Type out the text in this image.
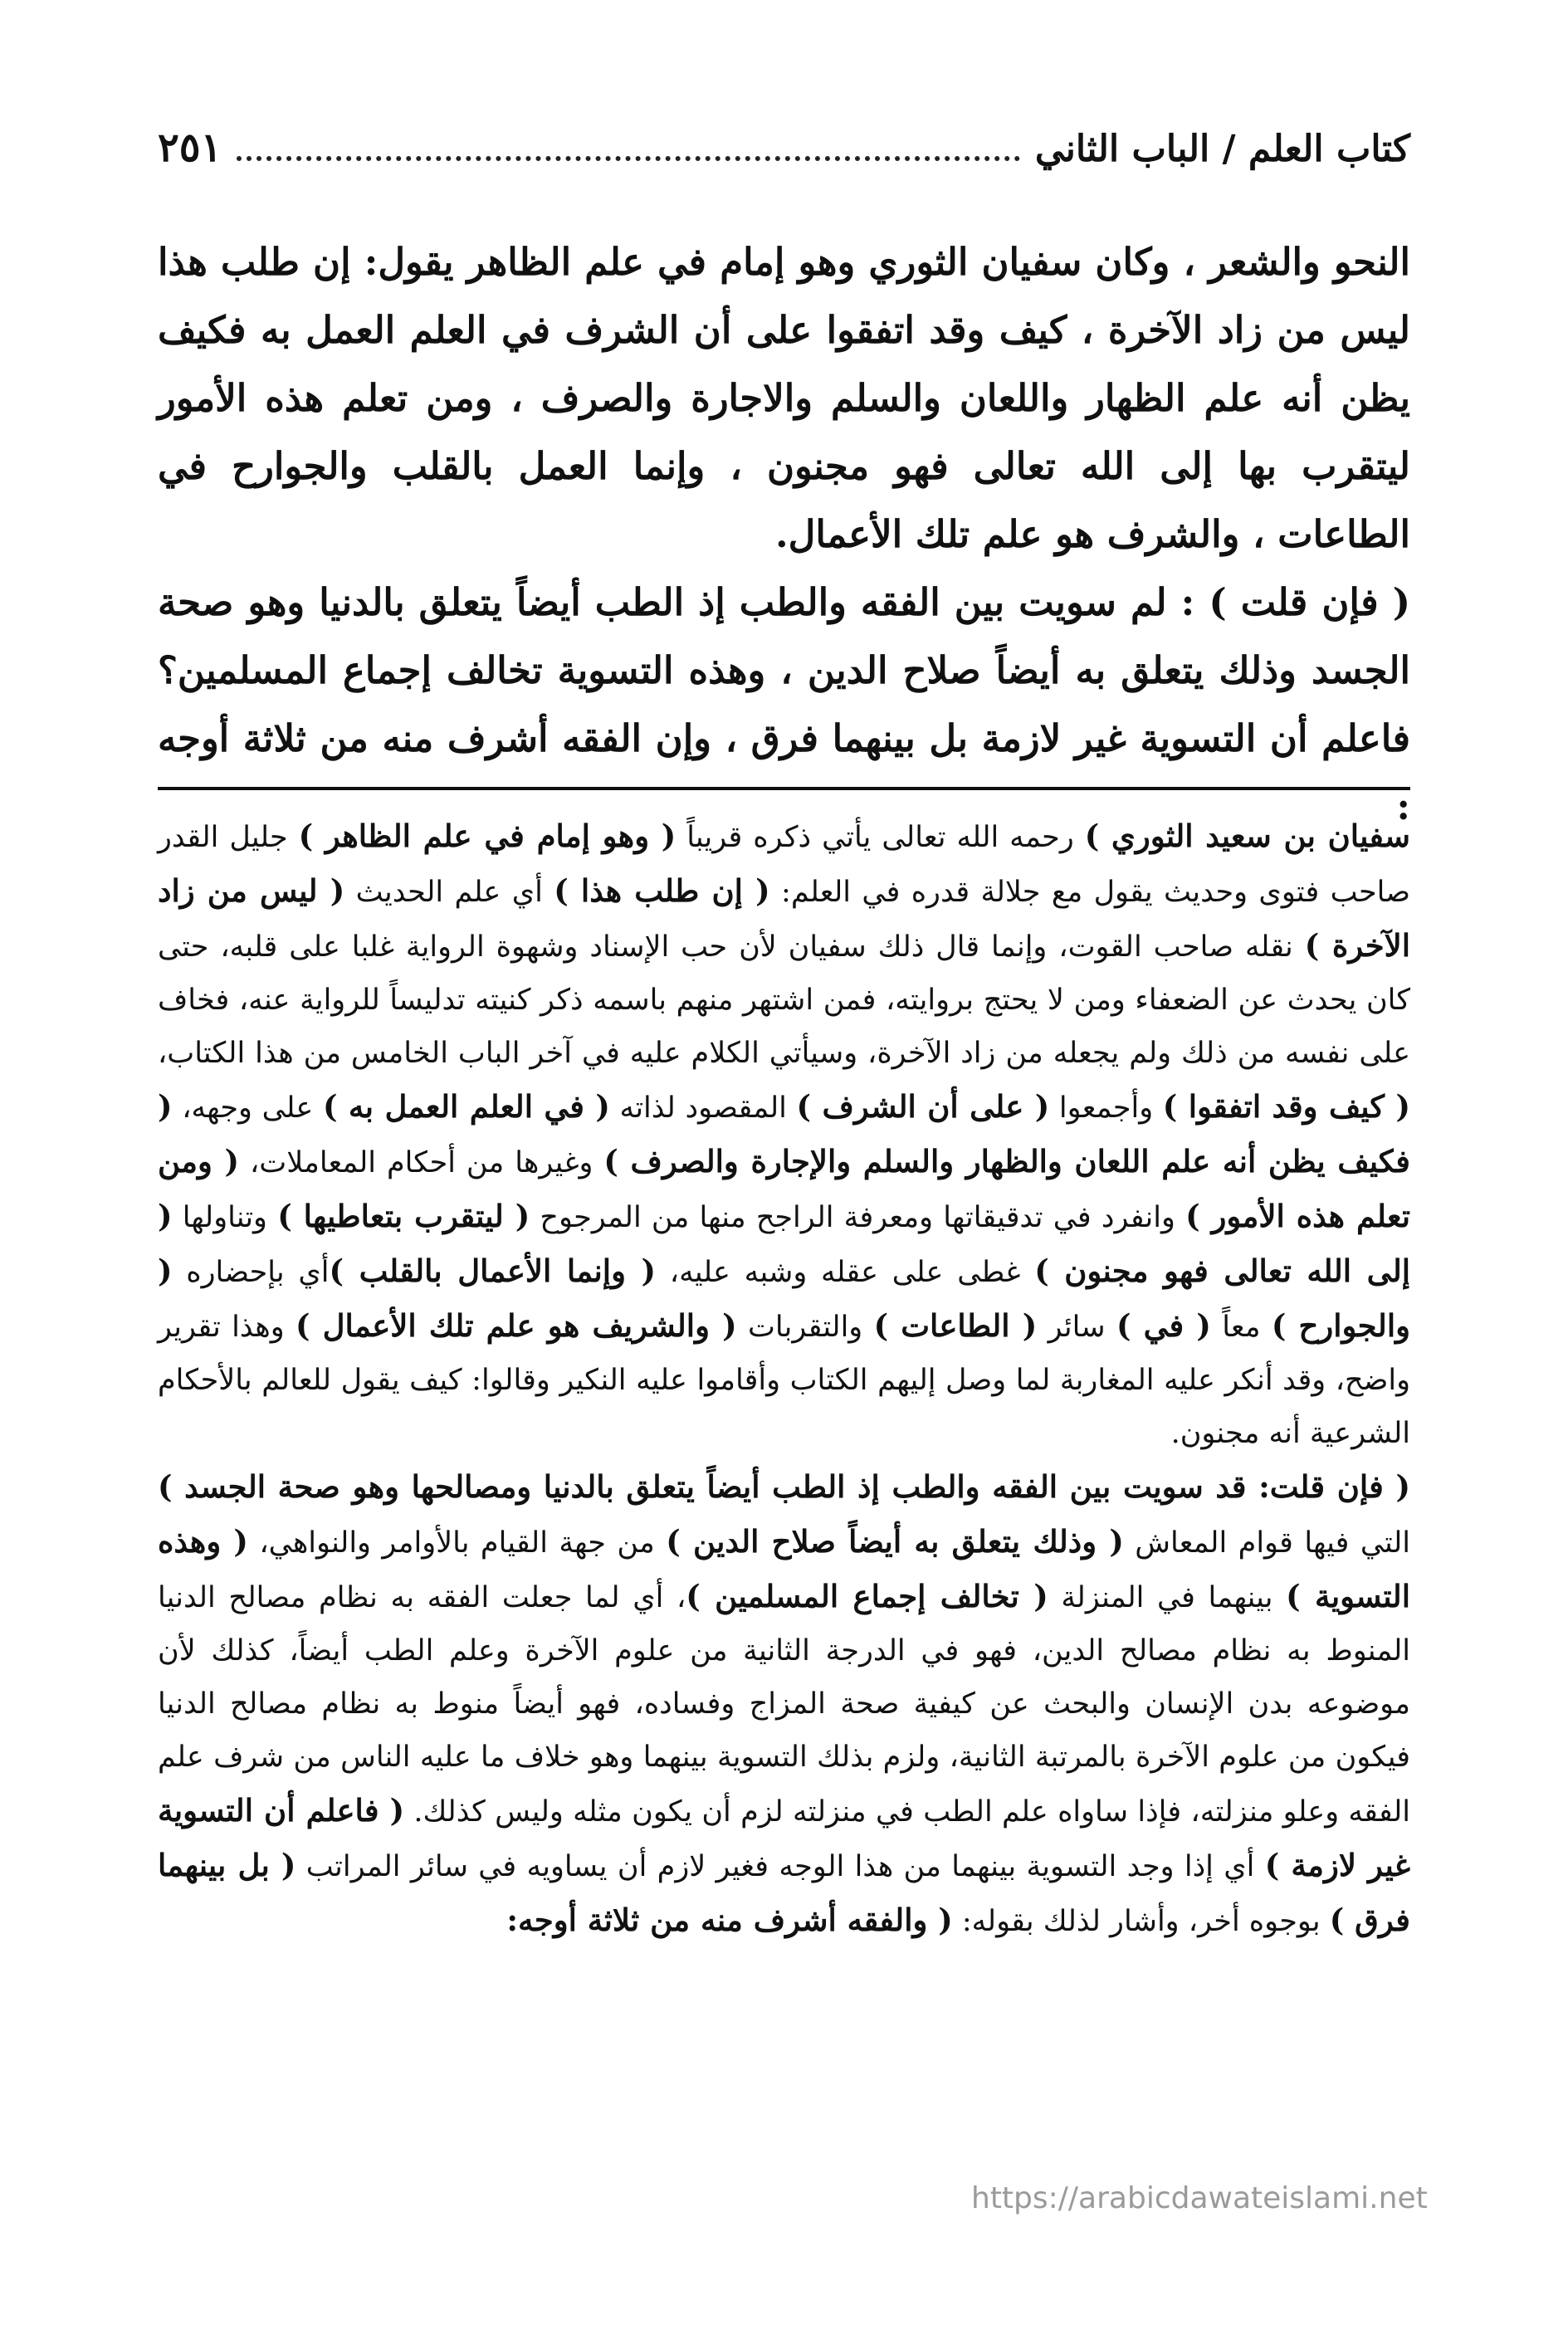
كتاب العلم / الباب الثاني
٢٥١

النحو والشعر ، وكان سفيان الثوري وهو إمام في علم الظاهر يقول: إن طلب هذا ليس من زاد الآخرة ، كيف وقد اتفقوا على أن الشرف في العلم العمل به فكيف يظن أنه علم الظهار واللعان والسلم والاجارة والصرف ، ومن تعلم هذه الأمور ليتقرب بها إلى الله تعالى فهو مجنون ، وإنما العمل بالقلب والجوارح في الطاعات ، والشرف هو علم تلك الأعمال.

( فإن قلت ) : لم سويت بين الفقه والطب إذ الطب أيضاً يتعلق بالدنيا وهو صحة الجسد وذلك يتعلق به أيضاً صلاح الدين ، وهذه التسوية تخالف إجماع المسلمين؟ فاعلم أن التسوية غير لازمة بل بينهما فرق ، وإن الفقه أشرف منه من ثلاثة أوجه :

سفيان بن سعيد الثوري ) رحمه الله تعالى يأتي ذكره قريباً ( وهو إمام في علم الظاهر ) جليل القدر صاحب فتوى وحديث يقول مع جلالة قدره في العلم: ( إن طلب هذا ) أي علم الحديث ( ليس من زاد الآخرة ) نقله صاحب القوت، وإنما قال ذلك سفيان لأن حب الإسناد وشهوة الرواية غلبا على قلبه، حتى كان يحدث عن الضعفاء ومن لا يحتج بروايته، فمن اشتهر منهم باسمه ذكر كنيته تدليساً للرواية عنه، فخاف على نفسه من ذلك ولم يجعله من زاد الآخرة، وسيأتي الكلام عليه في آخر الباب الخامس من هذا الكتاب، ( كيف وقد اتفقوا ) وأجمعوا ( على أن الشرف ) المقصود لذاته ( في العلم العمل به ) على وجهه، ( فكيف يظن أنه علم اللعان والظهار والسلم والإجارة والصرف ) وغيرها من أحكام المعاملات، ( ومن تعلم هذه الأمور ) وانفرد في تدقيقاتها ومعرفة الراجح منها من المرجوح ( ليتقرب بتعاطيها ) وتناولها ( إلى الله تعالى فهو مجنون ) غطى على عقله وشبه عليه، ( وإنما الأعمال بالقلب )أي بإحضاره ( والجوارح ) معاً ( في ) سائر ( الطاعات ) والتقربات ( والشريف هو علم تلك الأعمال ) وهذا تقرير واضح، وقد أنكر عليه المغاربة لما وصل إليهم الكتاب وأقاموا عليه النكير وقالوا: كيف يقول للعالم بالأحكام الشرعية أنه مجنون.

( فإن قلت: قد سويت بين الفقه والطب إذ الطب أيضاً يتعلق بالدنيا ومصالحها وهو صحة الجسد ) التي فيها قوام المعاش ( وذلك يتعلق به أيضاً صلاح الدين ) من جهة القيام بالأوامر والنواهي، ( وهذه التسوية ) بينهما في المنزلة ( تخالف إجماع المسلمين )، أي لما جعلت الفقه به نظام مصالح الدنيا المنوط به نظام مصالح الدين، فهو في الدرجة الثانية من علوم الآخرة وعلم الطب أيضاً، كذلك لأن موضوعه بدن الإنسان والبحث عن كيفية صحة المزاج وفساده، فهو أيضاً منوط به نظام مصالح الدنيا فيكون من علوم الآخرة بالمرتبة الثانية، ولزم بذلك التسوية بينهما وهو خلاف ما عليه الناس من شرف علم الفقه وعلو منزلته، فإذا ساواه علم الطب في منزلته لزم أن يكون مثله وليس كذلك. ( فاعلم أن التسوية غير لازمة ) أي إذا وجد التسوية بينهما من هذا الوجه فغير لازم أن يساويه في سائر المراتب ( بل بينهما فرق ) بوجوه أخر، وأشار لذلك بقوله: ( والفقه أشرف منه من ثلاثة أوجه:

https://arabicdawateislami.net
